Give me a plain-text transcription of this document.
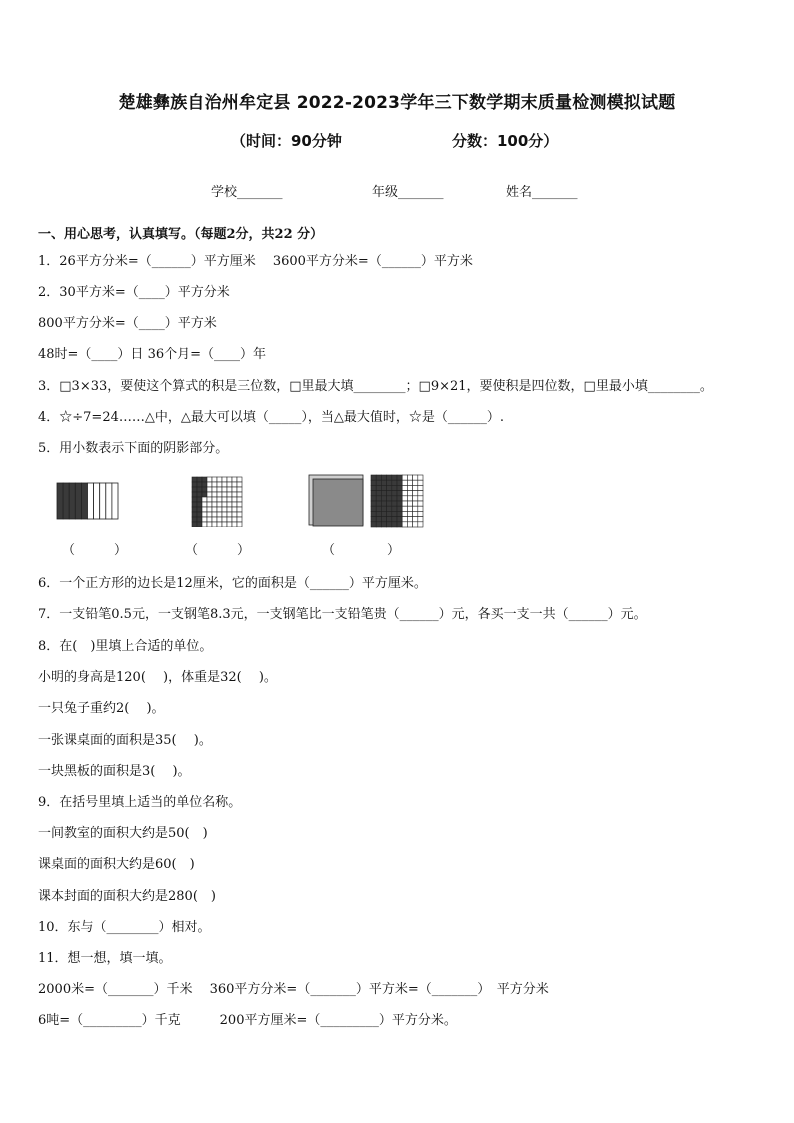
楚雄彝族自治州牟定县 2022-2023学年三下数学期末质量检测模拟试题
（时间：90分钟	分数：100分）
学校_______	年级_______	姓名_______
一、用心思考，认真填写。（每题2分，共22 分）
1．26平方分米=（______）平方厘米　 3600平方分米=（______）平方米
2．30平方米=（____）平方分米
800平方分米=（____）平方米
48时=（____）日 36个月=（____）年
3．□3×33，要使这个算式的积是三位数，□里最大填________；□9×21，要使积是四位数，□里最小填________。
4．☆÷7=24……△中，△最大可以填（_____），当△最大值时，☆是（______）.
5．用小数表示下面的阴影部分。
（　　　）	（　　　）	（　　　　）
6．一个正方形的边长是12厘米，它的面积是（______）平方厘米。
7．一支铅笔0.5元，一支钢笔8.3元，一支钢笔比一支铅笔贵（______）元，各买一支一共（______）元。
8．在(　)里填上合适的单位。
小明的身高是120(　 )，体重是32(　 )。
一只兔子重约2(　 )。
一张课桌面的面积是35(　 )。
一块黑板的面积是3(　 )。
9．在括号里填上适当的单位名称。
一间教室的面积大约是50(　)
课桌面的面积大约是60(　)
课本封面的面积大约是280(　)
10．东与（________）相对。
11．想一想，填一填。
2000米=（_______）千米　 360平方分米=（_______）平方米=（_______）　平方分米
6吨=（_________）千克　　　200平方厘米=（_________）平方分米。
